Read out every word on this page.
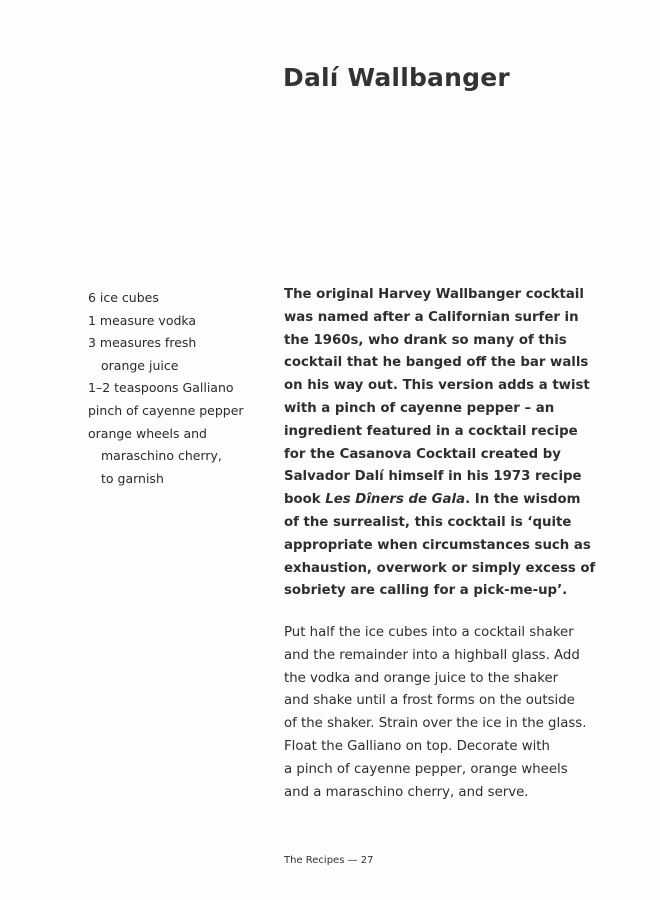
Dalí Wallbanger
6 ice cubes
1 measure vodka
3 measures fresh
orange juice
1–2 teaspoons Galliano
pinch of cayenne pepper
orange wheels and
maraschino cherry,
to garnish

The original Harvey Wallbanger cocktail
was named after a Californian surfer in
the 1960s, who drank so many of this
cocktail that he banged off the bar walls
on his way out. This version adds a twist
with a pinch of cayenne pepper – an
ingredient featured in a cocktail recipe
for the Casanova Cocktail created by
Salvador Dalí himself in his 1973 recipe
book Les Dîners de Gala. In the wisdom
of the surrealist, this cocktail is ‘quite
appropriate when circumstances such as
exhaustion, overwork or simply excess of
sobriety are calling for a pick-me-up’.

Put half the ice cubes into a cocktail shaker
and the remainder into a highball glass. Add
the vodka and orange juice to the shaker
and shake until a frost forms on the outside
of the shaker. Strain over the ice in the glass.
Float the Galliano on top. Decorate with
a pinch of cayenne pepper, orange wheels
and a maraschino cherry, and serve.

The Recipes — 27
